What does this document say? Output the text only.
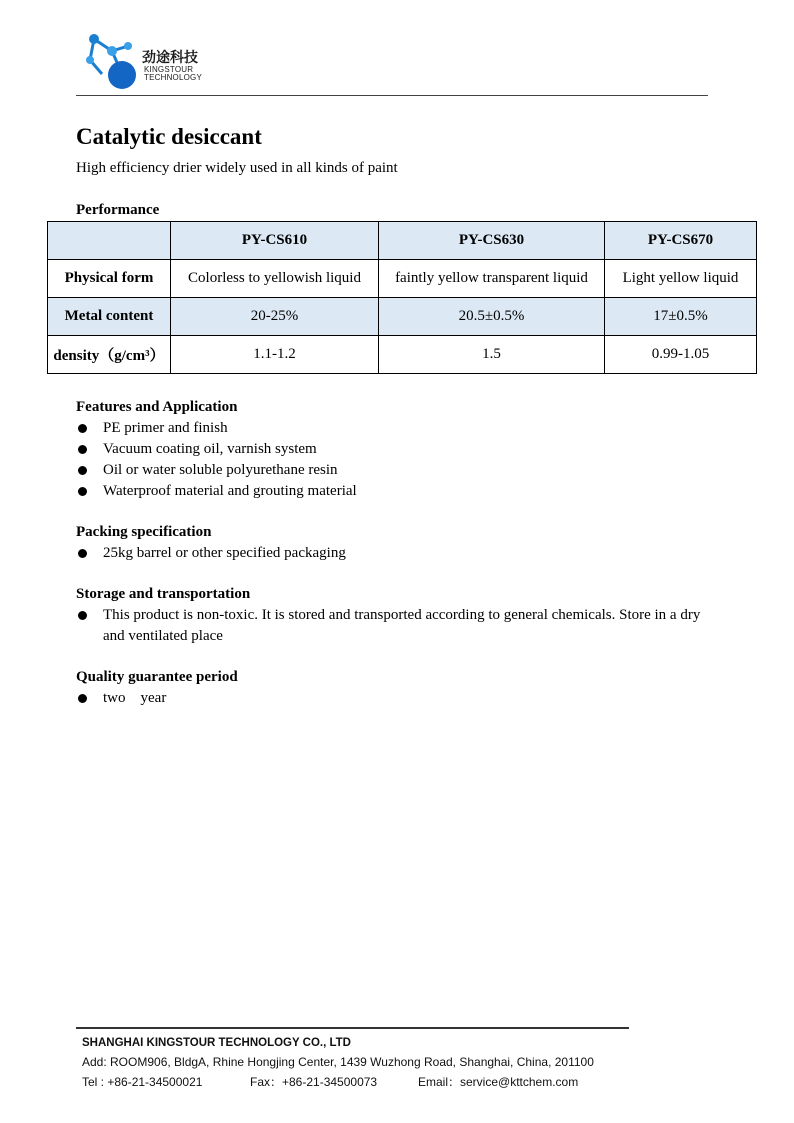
劲途科技
KINGSTOUR
TECHNOLOGY
Catalytic desiccant
High efficiency drier widely used in all kinds of paint
Performance
	PY-CS610	PY-CS630	PY-CS670
Physical form	Colorless to yellowish liquid	faintly yellow transparent liquid	Light yellow liquid
Metal content	20-25%	20.5±0.5%	17±0.5%
density（g/cm³）	1.1-1.2	1.5	0.99-1.05
Features and Application
PE primer and finish
Vacuum coating oil, varnish system
Oil or water soluble polyurethane resin
Waterproof material and grouting material
Packing specification
25kg barrel or other specified packaging
Storage and transportation
This product is non-toxic. It is stored and transported according to general chemicals. Store in a dry and ventilated place
Quality guarantee period
two　year
SHANGHAI KINGSTOUR TECHNOLOGY CO., LTD
Add: ROOM906, BldgA, Rhine Hongjing Center, 1439 Wuzhong Road, Shanghai, China, 201100
Tel : +86-21-34500021	Fax：+86-21-34500073	Email：service@kttchem.com
